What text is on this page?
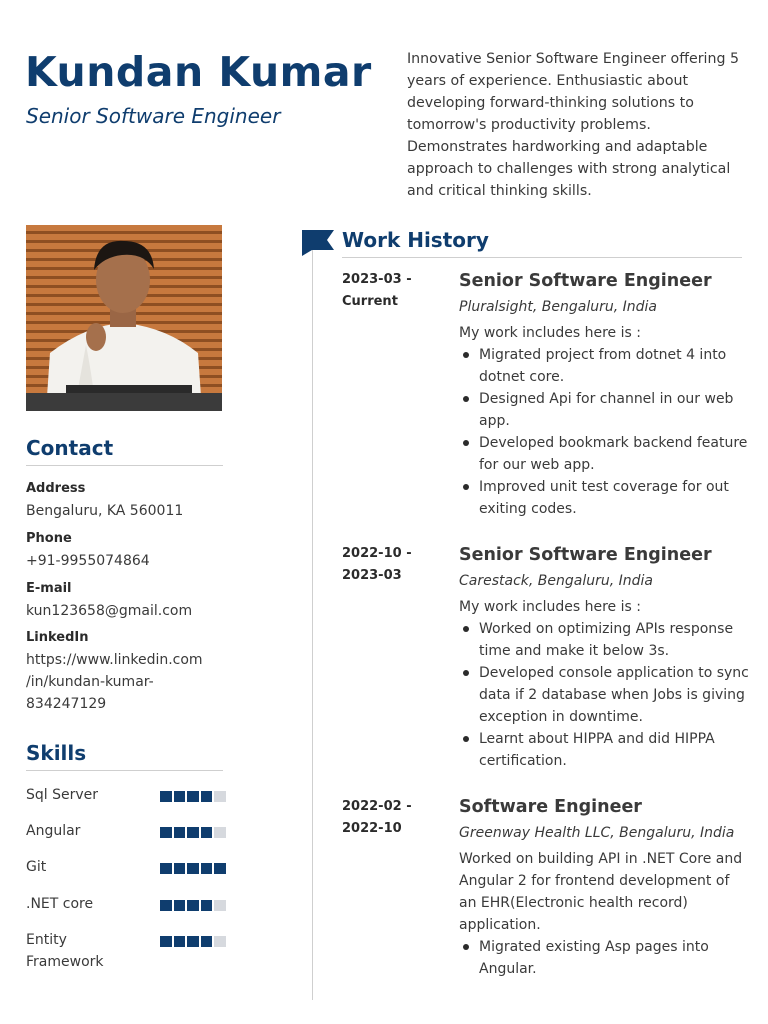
Kundan Kumar
Senior Software Engineer
Innovative Senior Software Engineer offering 5 years of experience. Enthusiastic about developing forward-thinking solutions to tomorrow's productivity problems. Demonstrates hardworking and adaptable approach to challenges with strong analytical and critical thinking skills.
Contact
Address
Bengaluru, KA 560011
Phone
+91-9955074864
E-mail
kun123658@gmail.com
LinkedIn
https://www.linkedin.com
/in/kundan-kumar-
834247129
Skills
Sql Server
Angular
Git
.NET core
Entity Framework
Work History
2023-03 -
Current
Senior Software Engineer
Pluralsight, Bengaluru, India
My work includes here is :
Migrated project from dotnet 4 into dotnet core.
Designed Api for channel in our web app.
Developed bookmark backend feature for our web app.
Improved unit test coverage for out exiting codes.
2022-10 -
2023-03
Senior Software Engineer
Carestack, Bengaluru, India
My work includes here is :
Worked on optimizing APIs response time and make it below 3s.
Developed console application to sync data if 2 database when Jobs is giving exception in downtime.
Learnt about HIPPA and did HIPPA certification.
2022-02 -
2022-10
Software Engineer
Greenway Health LLC, Bengaluru, India
Worked on building API in .NET Core and Angular 2 for frontend development of an EHR(Electronic health record) application.
Migrated existing Asp pages into Angular.
